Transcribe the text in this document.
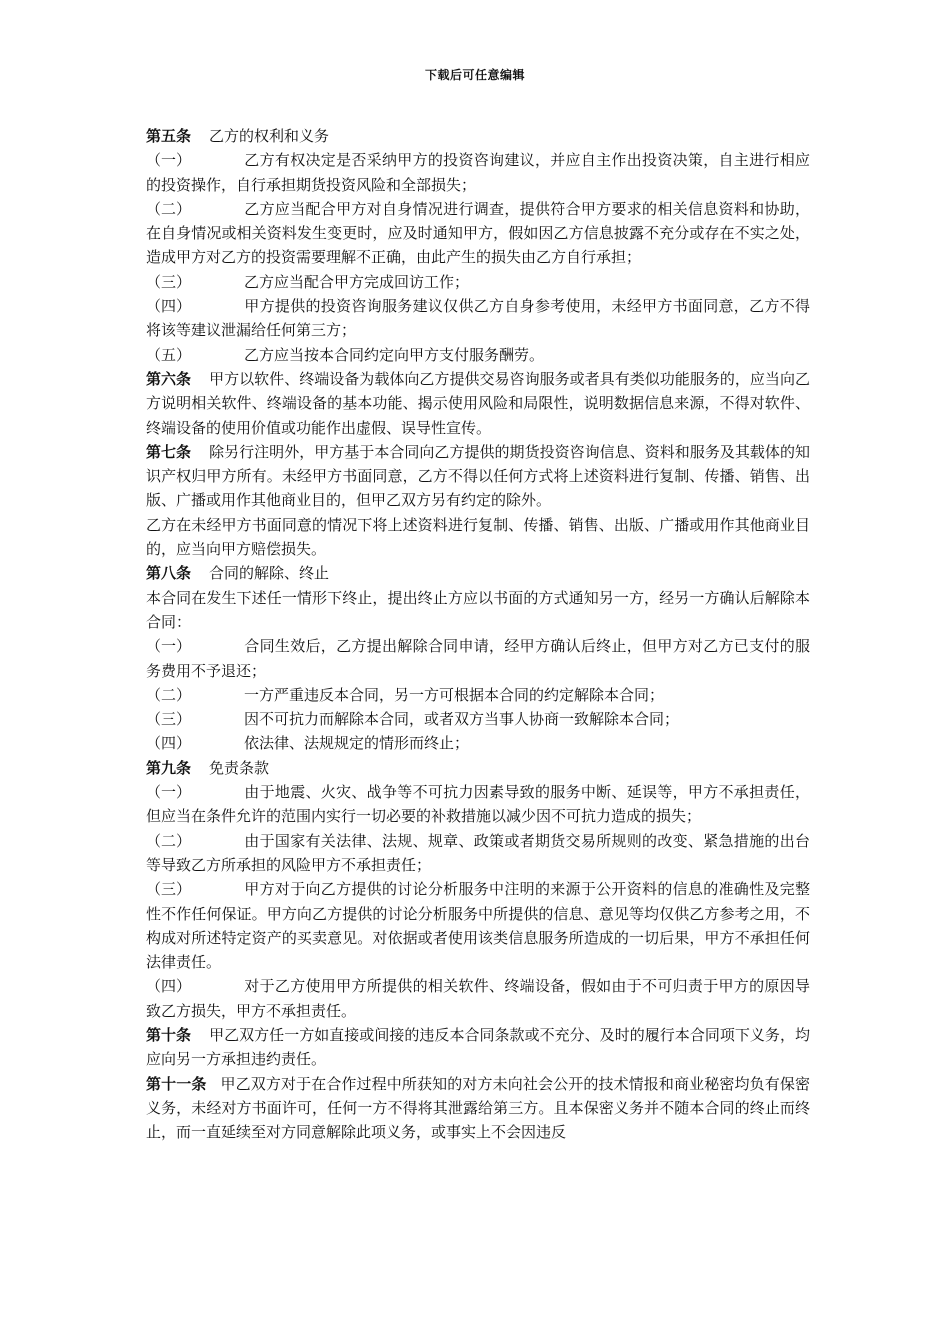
下载后可任意编辑

第五条 乙方的权利和义务

（一）	乙方有权决定是否采纳甲方的投资咨询建议，并应自主作出投资决策，自主进行相应的投资操作，自行承担期货投资风险和全部损失；

（二）	乙方应当配合甲方对自身情况进行调查，提供符合甲方要求的相关信息资料和协助，在自身情况或相关资料发生变更时，应及时通知甲方，假如因乙方信息披露不充分或存在不实之处，造成甲方对乙方的投资需要理解不正确，由此产生的损失由乙方自行承担；

（三）	乙方应当配合甲方完成回访工作；

（四）	甲方提供的投资咨询服务建议仅供乙方自身参考使用，未经甲方书面同意，乙方不得将该等建议泄漏给任何第三方；

（五）	乙方应当按本合同约定向甲方支付服务酬劳。

第六条 甲方以软件、终端设备为载体向乙方提供交易咨询服务或者具有类似功能服务的，应当向乙方说明相关软件、终端设备的基本功能、揭示使用风险和局限性，说明数据信息来源，不得对软件、终端设备的使用价值或功能作出虚假、误导性宣传。

第七条 除另行注明外，甲方基于本合同向乙方提供的期货投资咨询信息、资料和服务及其载体的知识产权归甲方所有。未经甲方书面同意，乙方不得以任何方式将上述资料进行复制、传播、销售、出版、广播或用作其他商业目的，但甲乙双方另有约定的除外。

乙方在未经甲方书面同意的情况下将上述资料进行复制、传播、销售、出版、广播或用作其他商业目的，应当向甲方赔偿损失。

第八条 合同的解除、终止

本合同在发生下述任一情形下终止，提出终止方应以书面的方式通知另一方，经另一方确认后解除本合同：

（一）	合同生效后，乙方提出解除合同申请，经甲方确认后终止，但甲方对乙方已支付的服务费用不予退还；

（二）	一方严重违反本合同，另一方可根据本合同的约定解除本合同；

（三）	因不可抗力而解除本合同，或者双方当事人协商一致解除本合同；

（四）	依法律、法规规定的情形而终止；

第九条 免责条款

（一）	由于地震、火灾、战争等不可抗力因素导致的服务中断、延误等，甲方不承担责任，但应当在条件允许的范围内实行一切必要的补救措施以减少因不可抗力造成的损失；

（二）	由于国家有关法律、法规、规章、政策或者期货交易所规则的改变、紧急措施的出台等导致乙方所承担的风险甲方不承担责任；

（三）	甲方对于向乙方提供的讨论分析服务中注明的来源于公开资料的信息的准确性及完整性不作任何保证。甲方向乙方提供的讨论分析服务中所提供的信息、意见等均仅供乙方参考之用，不构成对所述特定资产的买卖意见。对依据或者使用该类信息服务所造成的一切后果，甲方不承担任何法律责任。

（四）	对于乙方使用甲方所提供的相关软件、终端设备，假如由于不可归责于甲方的原因导致乙方损失，甲方不承担责任。

第十条 甲乙双方任一方如直接或间接的违反本合同条款或不充分、及时的履行本合同项下义务，均应向另一方承担违约责任。

第十一条 甲乙双方对于在合作过程中所获知的对方未向社会公开的技术情报和商业秘密均负有保密义务，未经对方书面许可，任何一方不得将其泄露给第三方。且本保密义务并不随本合同的终止而终止，而一直延续至对方同意解除此项义务，或事实上不会因违反
